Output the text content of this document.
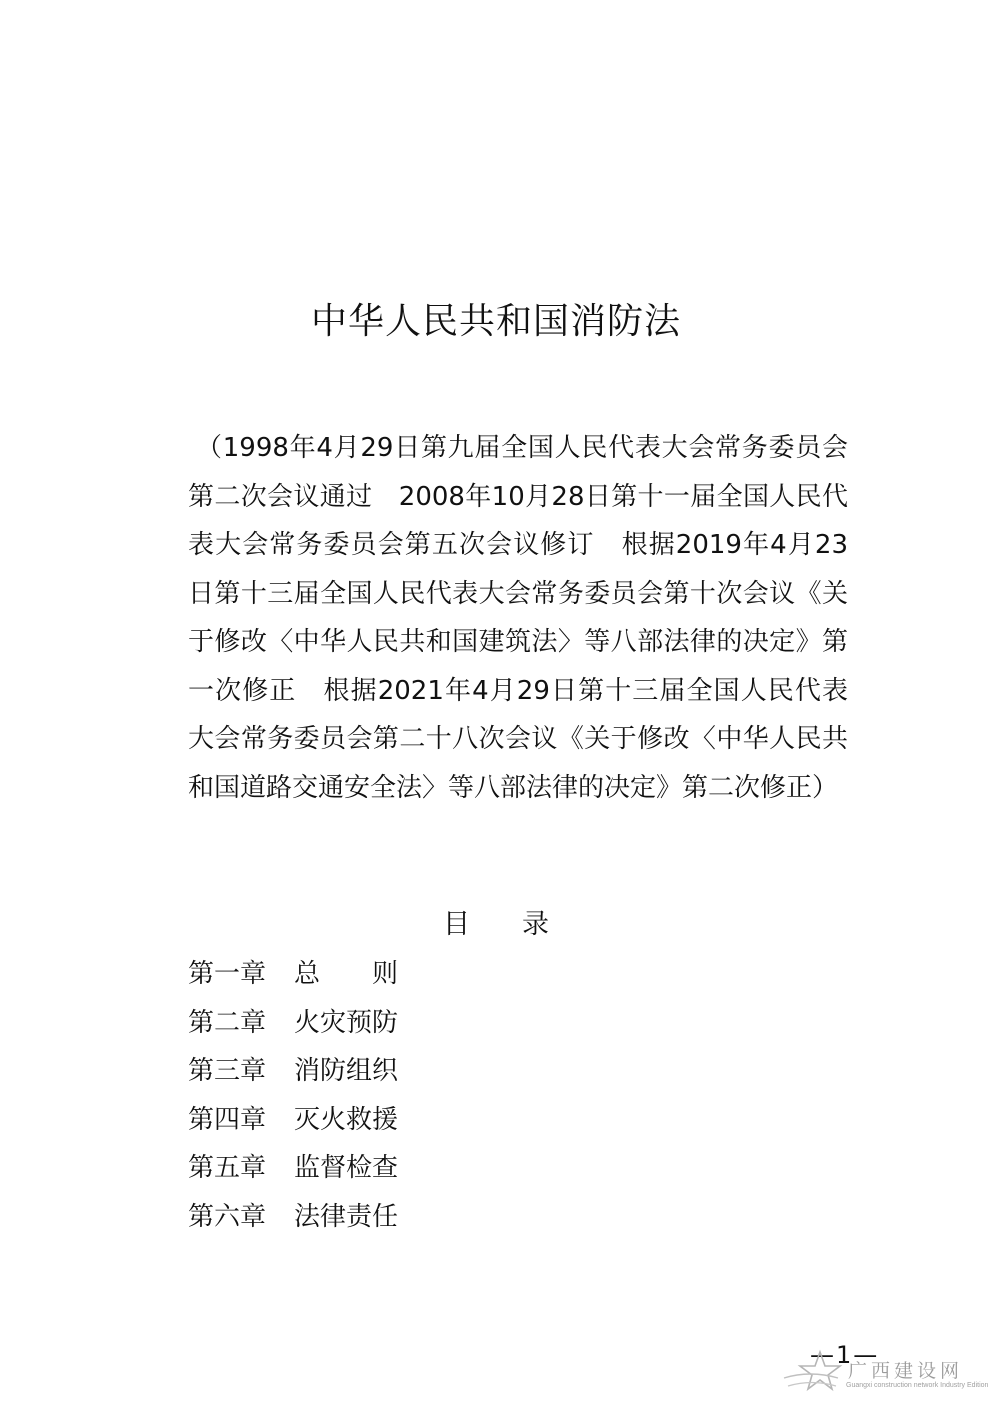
中华人民共和国消防法
（1998年4月29日第九届全国人民代表大会常务委员会第二次会议通过　2008年10月28日第十一届全国人民代表大会常务委员会第五次会议修订　根据2019年4月23日第十三届全国人民代表大会常务委员会第十次会议《关于修改〈中华人民共和国建筑法〉等八部法律的决定》第一次修正　根据2021年4月29日第十三届全国人民代表大会常务委员会第二十八次会议《关于修改〈中华人民共和国道路交通安全法〉等八部法律的决定》第二次修正）
目 录
第一章 总　　则
第二章 火灾预防
第三章 消防组织
第四章 灭火救援
第五章 监督检查
第六章 法律责任
—1—
广西建设网
Guangxi construction network Industry Edition
